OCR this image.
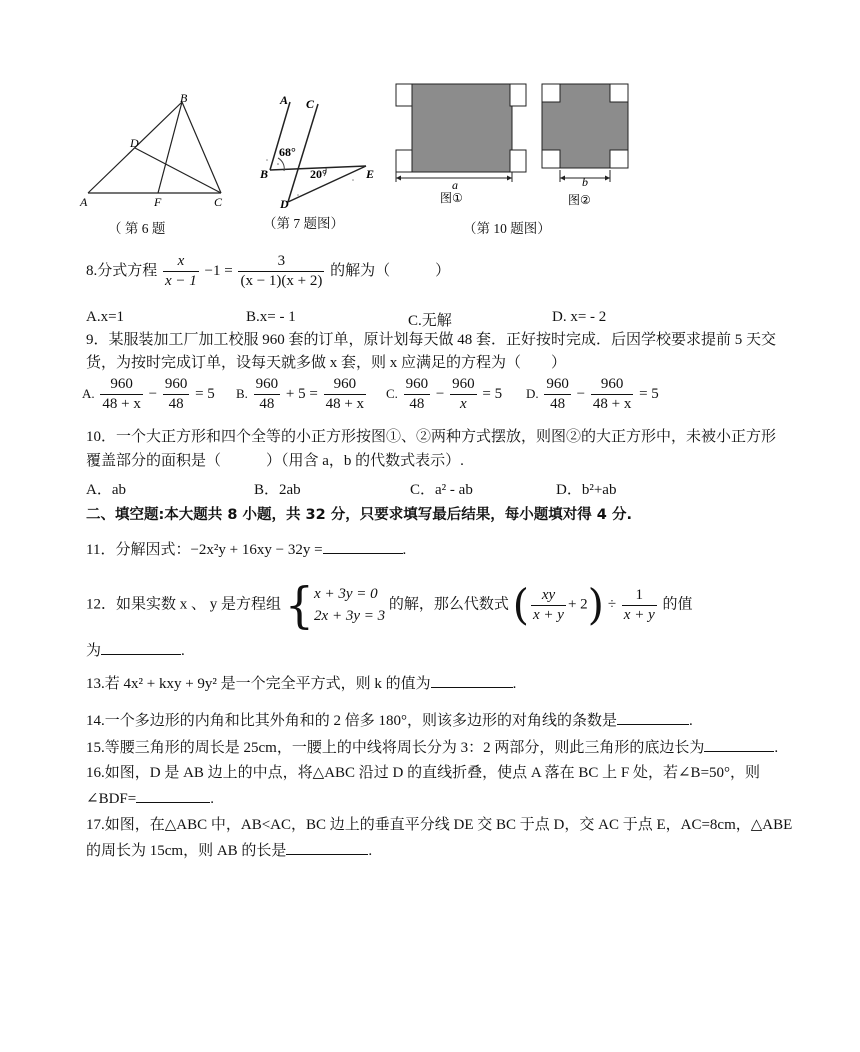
A
B
C
D
F
（ 第 6 题
A C
B
D
E
68°
20°
（第 7 题图）
a
图①
b
图②
（第 10 题图）
8.分式方程 $\frac{x}{x - 1} -1 = \frac{3}{(x - 1)(x + 2)}$ 的解为（　　　）
A.x=1	B.x= - 1	C.无解	D. x= - 2
9．某服装加工厂加工校服 960 套的订单，原计划每天做 48 套．正好按时完成．后因学校要求提前 5 天交
货，为按时完成订单，设每天就多做 x 套，则 x 应满足的方程为（　　）
A. $\frac{960}{48 + x} - \frac{960}{48} = 5$ B. $\frac{960}{48} + 5 = \frac{960}{48 + x} C$. $\frac{960}{48} - \frac{960}{x} = 5$ D. $\frac{960}{48} - \frac{960}{48 + x} = 5$
10．一个大正方形和四个全等的小正方形按图①、②两种方式摆放，则图②的大正方形中，未被小正方形
覆盖部分的面积是（　　　）（用含 a，b 的代数式表示）.
A．ab	B．2ab	C．a² - ab	D．b²+ab
二、填空题:本大题共 8 小题，共 32 分，只要求填写最后结果，每小题填对得 4 分.
11．分解因式：−2x²y + 16xy − 32y =	.
12．如果实数 x 、 y 是方程组 { x + 3y = 0
2x + 3y = 3
的解，那么代数式 ( $\frac{xy}{x + y} + 2) \div \frac{1}{x + y}$ 的值
为	.
13.若 4x² + kxy + 9y² 是一个完全平方式，则 k 的值为	.
14.一个多边形的内角和比其外角和的 2 倍多 180°，则该多边形的对角线的条数是	.
15.等腰三角形的周长是 25cm，一腰上的中线将周长分为 3：2 两部分，则此三角形的底边长为	.
16.如图，D 是 AB 边上的中点，将△ABC 沿过 D 的直线折叠，使点 A 落在 BC 上 F 处，若∠B=50°，则
∠BDF=	.
17.如图，在△ABC 中，AB<AC，BC 边上的垂直平分线 DE 交 BC 于点 D，交 AC 于点 E，AC=8cm，△ABE
的周长为 15cm，则 AB 的长是	.
